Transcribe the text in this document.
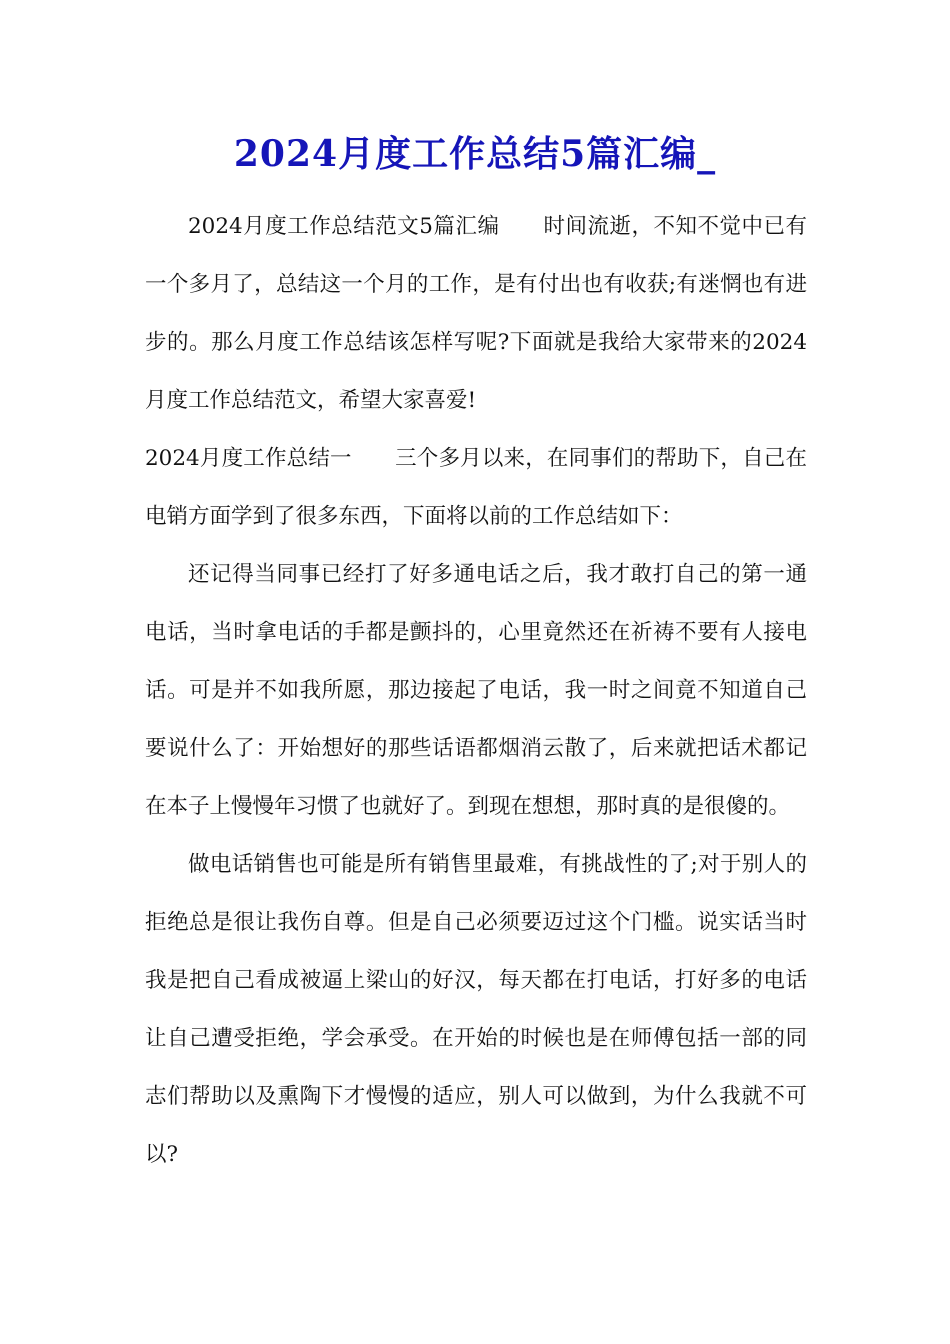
2024月度工作总结5篇汇编_

2024月度工作总结范文5篇汇编　　时间流逝，不知不觉中已有一个多月了，总结这一个月的工作，是有付出也有收获;有迷惘也有进步的。那么月度工作总结该怎样写呢?下面就是我给大家带来的2024月度工作总结范文，希望大家喜爱!

2024月度工作总结一　　三个多月以来，在同事们的帮助下，自己在电销方面学到了很多东西，下面将以前的工作总结如下：

还记得当同事已经打了好多通电话之后，我才敢打自己的第一通电话，当时拿电话的手都是颤抖的，心里竟然还在祈祷不要有人接电话。可是并不如我所愿，那边接起了电话，我一时之间竟不知道自己要说什么了：开始想好的那些话语都烟消云散了，后来就把话术都记在本子上慢慢年习惯了也就好了。到现在想想，那时真的是很傻的。

做电话销售也可能是所有销售里最难，有挑战性的了;对于别人的拒绝总是很让我伤自尊。但是自己必须要迈过这个门槛。说实话当时我是把自己看成被逼上梁山的好汉，每天都在打电话，打好多的电话让自己遭受拒绝，学会承受。在开始的时候也是在师傅包括一部的同志们帮助以及熏陶下才慢慢的适应，别人可以做到，为什么我就不可以?
